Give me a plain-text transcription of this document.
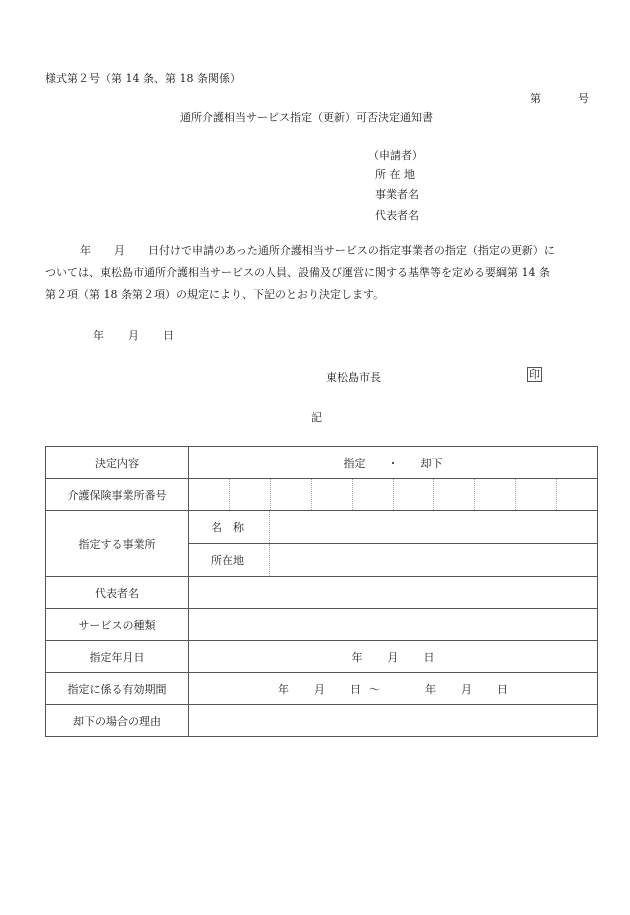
様式第２号（第 14 条、第 18 条関係）
第	号
通所介護相当サービス指定（更新）可否決定通知書
（申請者）
所 在 地
事業者名
代表者名
年 月 日付けで申請のあった通所介護相当サービスの指定事業者の指定（指定の更新）に
ついては、東松島市通所介護相当サービスの人員、設備及び運営に関する基準等を定める要綱第 14 条
第２項（第 18 条第２項）の規定により、下記のとおり決定します。
年 月 日
東松島市長	印
記
決定内容	指定　　・　　却下
介護保険事業所番号	

指定する事業所	名　称

所在地

代表者名	
サービスの種類	
指定年月日	年 月 日
指定に係る有効期間	年 月 日 ～ 年 月 日
却下の場合の理由	
